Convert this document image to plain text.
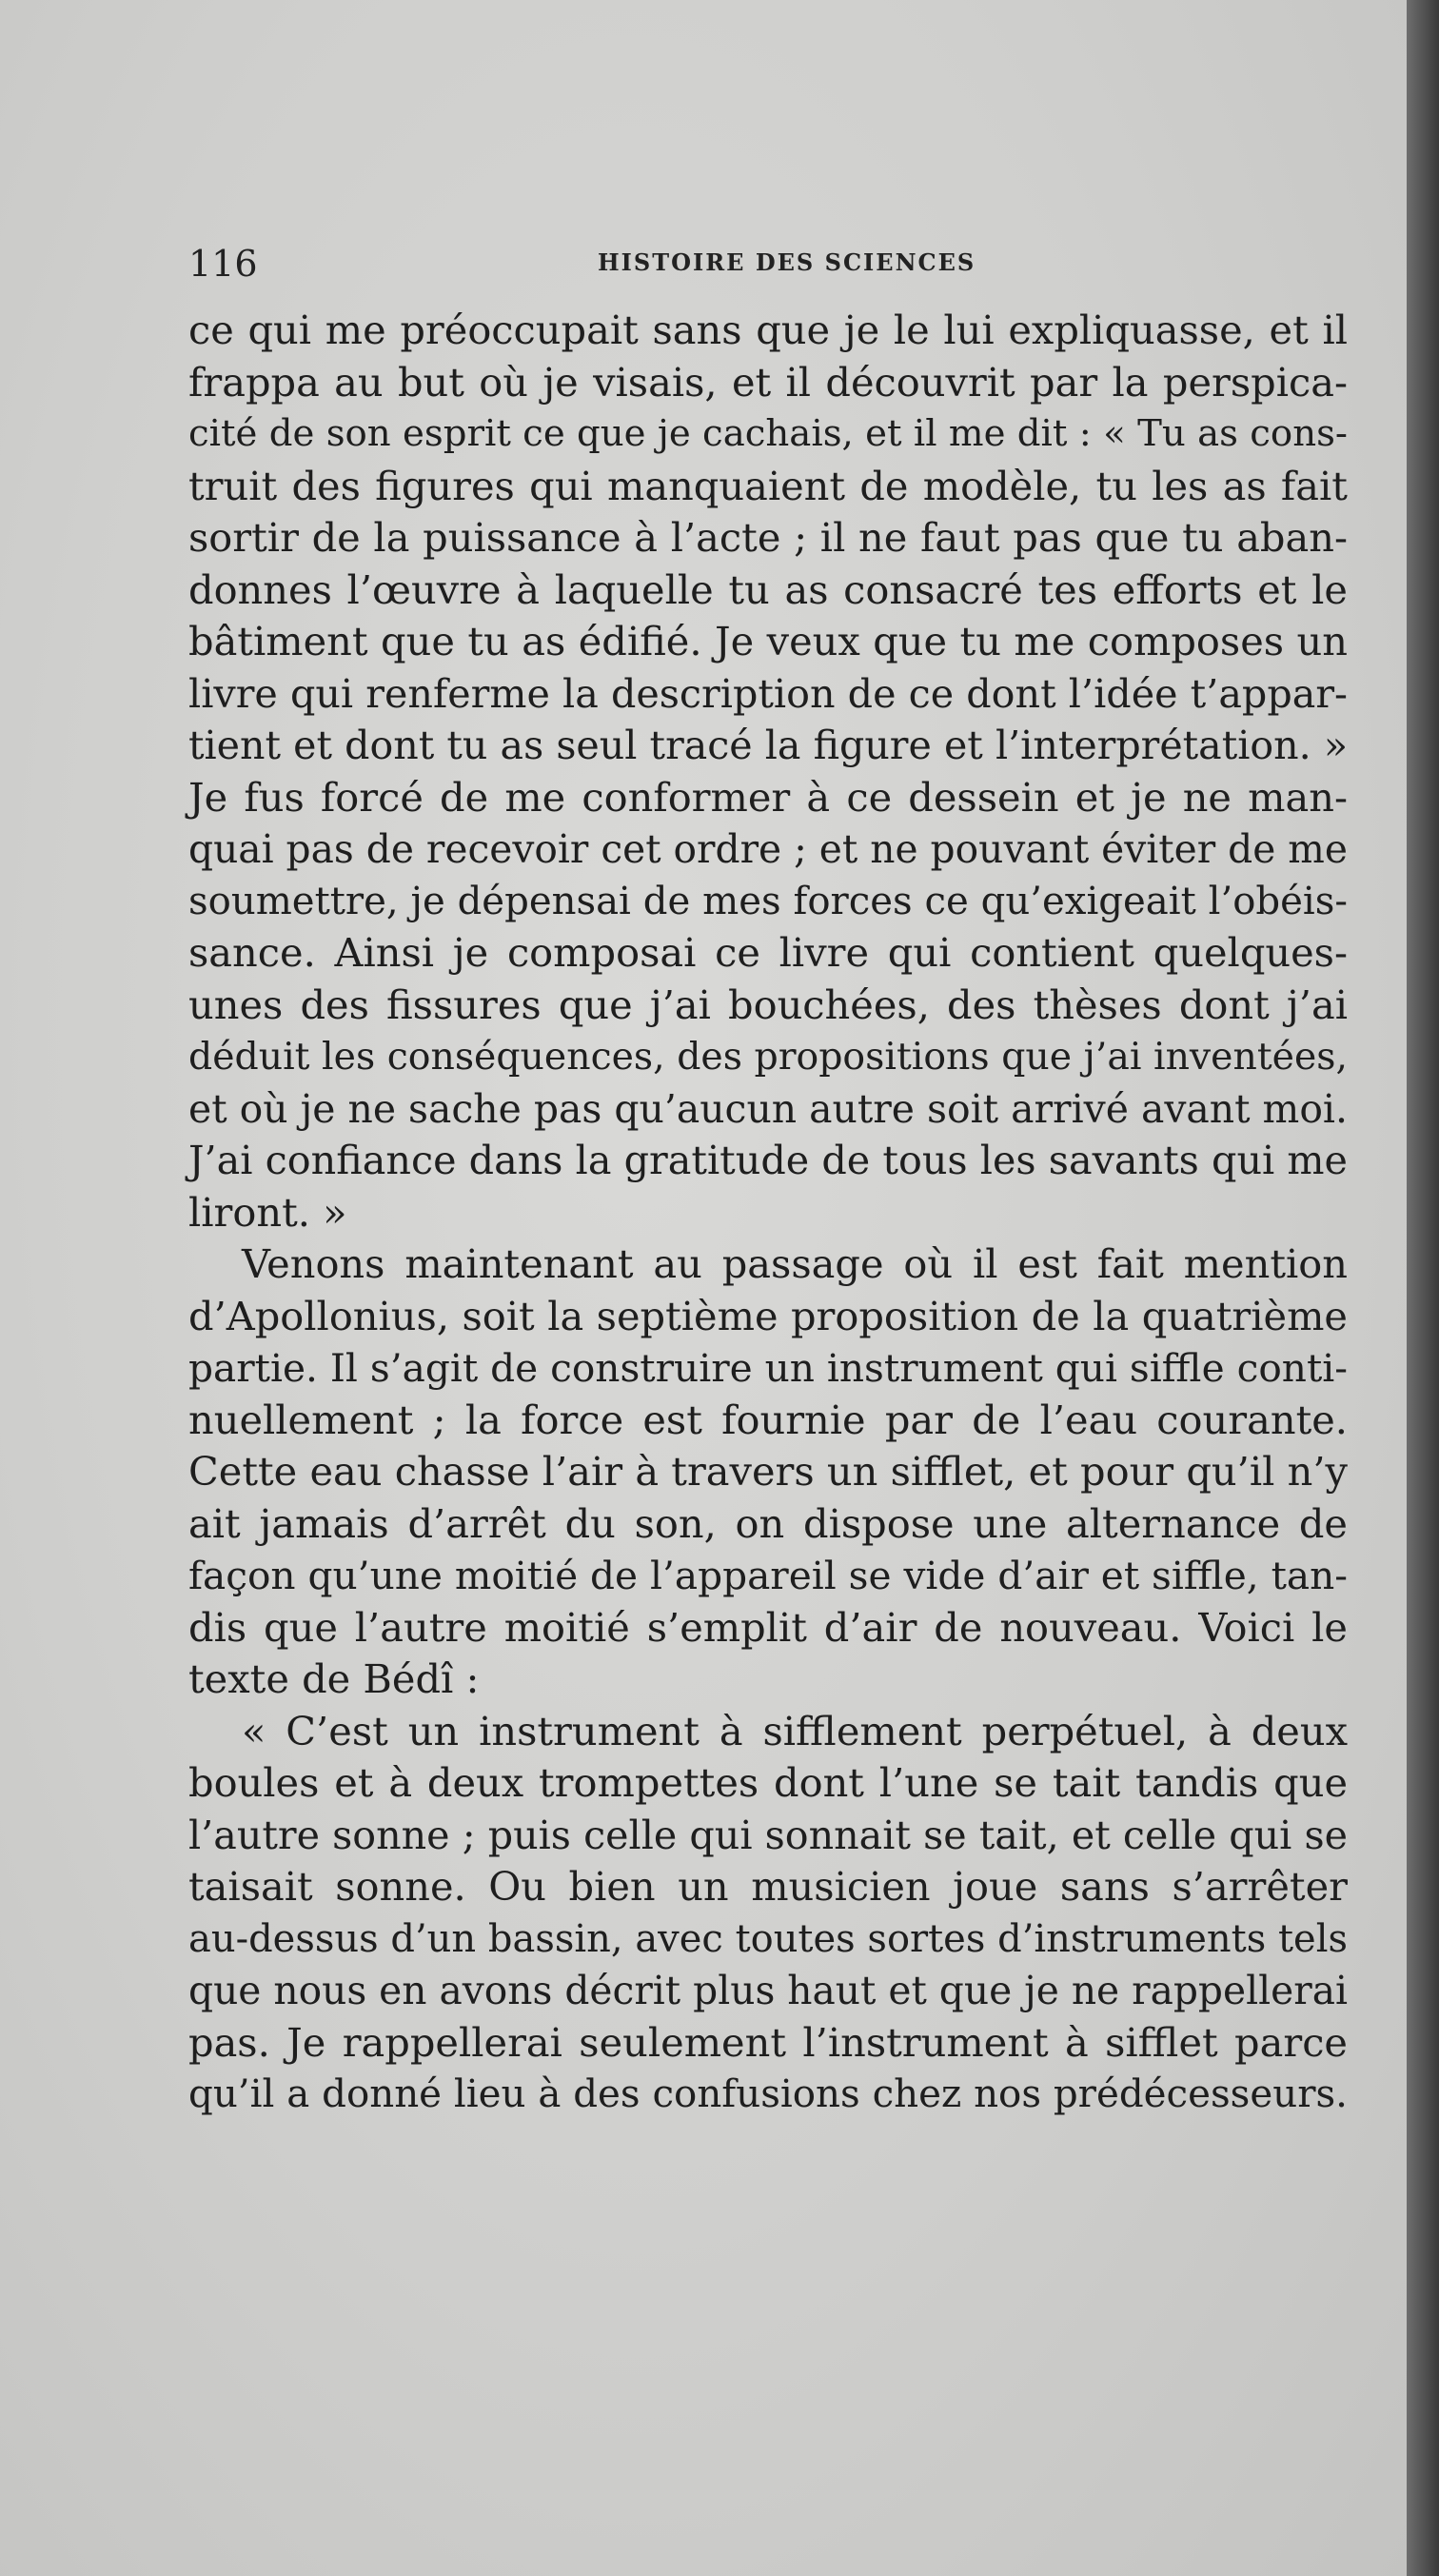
116	HISTOIRE DES SCIENCES
ce qui me préoccupait sans que je le lui expliquasse, et il
frappa au but où je visais, et il découvrit par la perspica-
cité de son esprit ce que je cachais, et il me dit : « Tu as cons-
truit des figures qui manquaient de modèle, tu les as fait
sortir de la puissance à l’acte ; il ne faut pas que tu aban-
donnes l’œuvre à laquelle tu as consacré tes efforts et le
bâtiment que tu as édifié. Je veux que tu me composes un
livre qui renferme la description de ce dont l’idée t’appar-
tient et dont tu as seul tracé la figure et l’interprétation. »
Je fus forcé de me conformer à ce dessein et je ne man-
quai pas de recevoir cet ordre ; et ne pouvant éviter de me
soumettre, je dépensai de mes forces ce qu’exigeait l’obéis-
sance. Ainsi je composai ce livre qui contient quelques-
unes des fissures que j’ai bouchées, des thèses dont j’ai
déduit les conséquences, des propositions que j’ai inventées,
et où je ne sache pas qu’aucun autre soit arrivé avant moi.
J’ai confiance dans la gratitude de tous les savants qui me
liront. »
Venons maintenant au passage où il est fait mention
d’Apollonius, soit la septième proposition de la quatrième
partie. Il s’agit de construire un instrument qui siffle conti-
nuellement ; la force est fournie par de l’eau courante.
Cette eau chasse l’air à travers un sifflet, et pour qu’il n’y
ait jamais d’arrêt du son, on dispose une alternance de
façon qu’une moitié de l’appareil se vide d’air et siffle, tan-
dis que l’autre moitié s’emplit d’air de nouveau. Voici le
texte de Bédî :
« C’est un instrument à sifflement perpétuel, à deux
boules et à deux trompettes dont l’une se tait tandis que
l’autre sonne ; puis celle qui sonnait se tait, et celle qui se
taisait sonne. Ou bien un musicien joue sans s’arrêter
au-dessus d’un bassin, avec toutes sortes d’instruments tels
que nous en avons décrit plus haut et que je ne rappellerai
pas. Je rappellerai seulement l’instrument à sifflet parce
qu’il a donné lieu à des confusions chez nos prédécesseurs.
